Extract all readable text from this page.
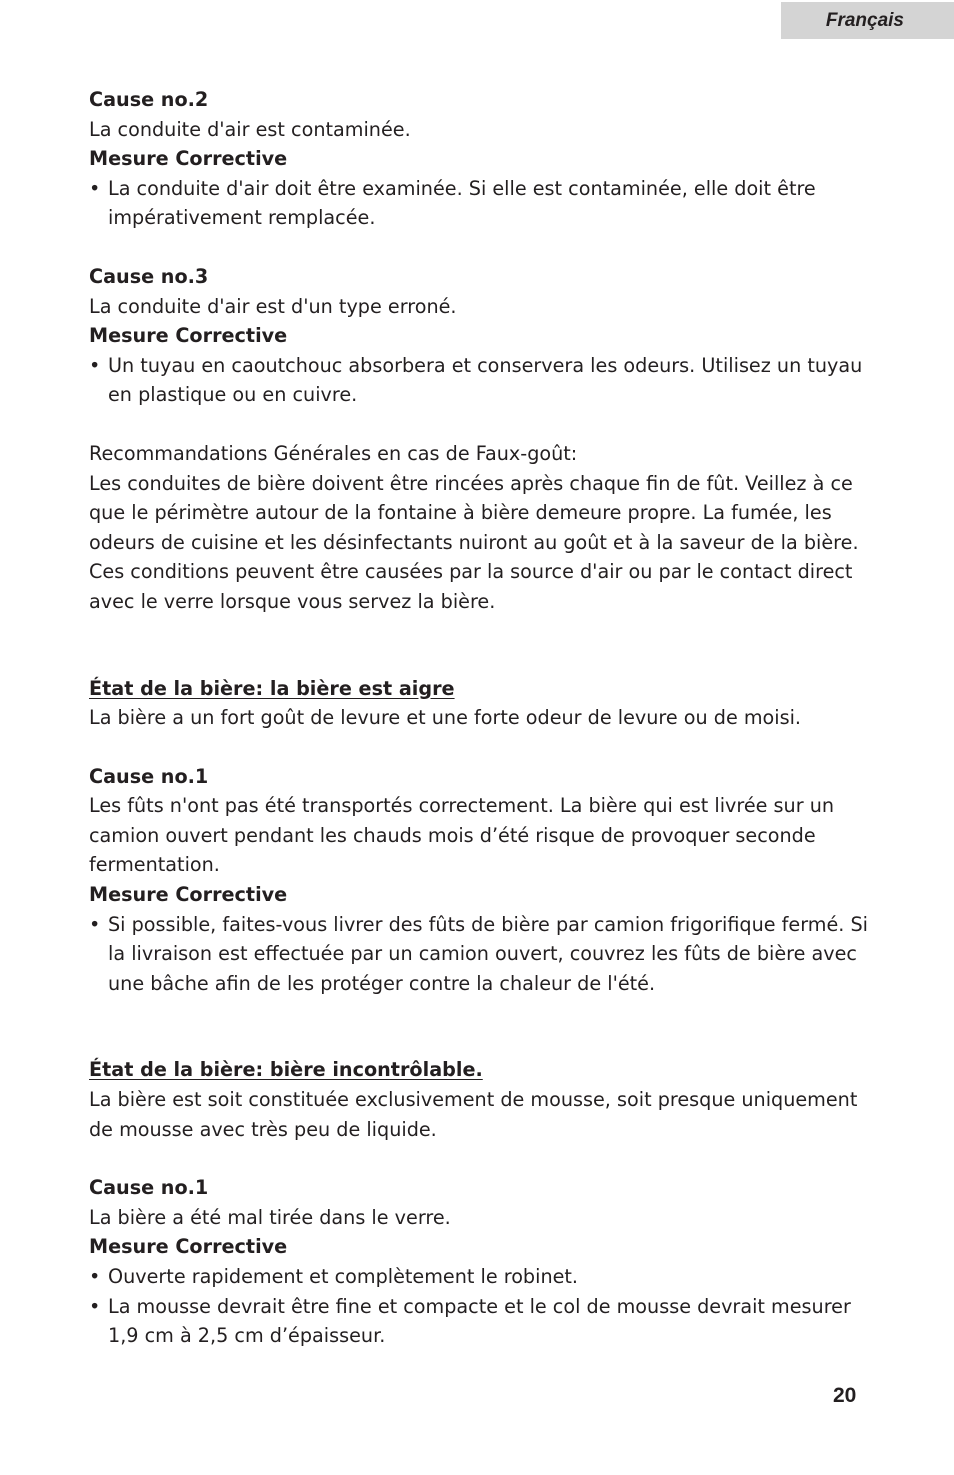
Français

Cause no.2

La conduite d'air est contaminée.

Mesure Corrective

• La conduite d'air doit être examinée. Si elle est contaminée, elle doit être impérativement remplacée.

Cause no.3

La conduite d'air est d'un type erroné.

Mesure Corrective

• Un tuyau en caoutchouc absorbera et conservera les odeurs. Utilisez un tuyau en plastique ou en cuivre.

Recommandations Générales en cas de Faux-goût:

Les conduites de bière doivent être rincées après chaque fin de fût. Veillez à ce que le périmètre autour de la fontaine à bière demeure propre. La fumée, les odeurs de cuisine et les désinfectants nuiront au goût et à la saveur de la bière. Ces conditions peuvent être causées par la source d'air ou par le contact direct avec le verre lorsque vous servez la bière.

État de la bière: la bière est aigre

La bière a un fort goût de levure et une forte odeur de levure ou de moisi.

Cause no.1

Les fûts n'ont pas été transportés correctement. La bière qui est livrée sur un camion ouvert pendant les chauds mois d’été risque de provoquer seconde fermentation.

Mesure Corrective

• Si possible, faites-vous livrer des fûts de bière par camion frigorifique fermé. Si la livraison est effectuée par un camion ouvert, couvrez les fûts de bière avec une bâche afin de les protéger contre la chaleur de l'été.

État de la bière: bière incontrôlable.

La bière est soit constituée exclusivement de mousse, soit presque uniquement de mousse avec très peu de liquide.

Cause no.1

La bière a été mal tirée dans le verre.

Mesure Corrective

• Ouverte rapidement et complètement le robinet.

• La mousse devrait être fine et compacte et le col de mousse devrait mesurer 1,9 cm à 2,5 cm d’épaisseur.

20
